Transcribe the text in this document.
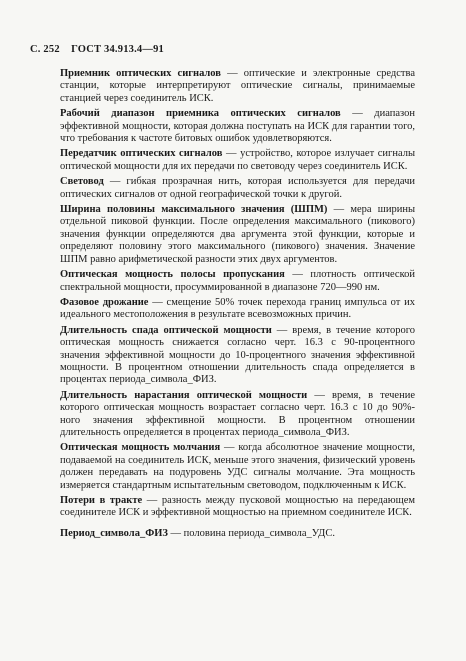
С. 252 ГОСТ 34.913.4—91

Приемник оптических сигналов — оптические и электронные средства станции, которые интерпретируют оптические сигналы, принимаемые станцией через соединитель ИСК.

Рабочий диапазон приемника оптических сигналов — диапазон эффективной мощности, которая должна поступать на ИСК для гарантии того, что требования к частоте битовых ошибок удовлетворяются.

Передатчик оптических сигналов — устройство, которое излучает сигналы оптической мощности для их передачи по световоду через соединитель ИСК.

Световод — гибкая прозрачная нить, которая используется для передачи оптических сигналов от одной географической точки к другой.

Ширина половины максимального значения (ШПМ) — мера ширины отдельной пиковой функции. После определения максимального (пикового) значения функции определяются два аргумента этой функции, которые и определяют половину этого максимального (пикового) значения. Значение ШПМ равно арифметической разности этих двух аргументов.

Оптическая мощность полосы пропускания — плотность оптической спектральной мощности, просуммированной в диапазоне 720—990 нм.

Фазовое дрожание — смещение 50% точек перехода границ импульса от их идеального местоположения в результате всевозможных причин.

Длительность спада оптической мощности — время, в течение которого оптическая мощность снижается согласно черт. 16.3 с 90-процентного значения эффективной мощности до 10-процентного значения эффективной мощности. В процентном отношении длительность спада определяется в процентах периода_символа_ФИЗ.

Длительность нарастания оптической мощности — время, в течение которого оптическая мощность возрастает согласно черт. 16.3 с 10 до 90%-ного значения эффективной мощности. В процентном отношении длительность определяется в процентах периода_символа_ФИЗ.

Оптическая мощность молчания — когда абсолютное значение мощности, подаваемой на соединитель ИСК, меньше этого значения, физический уровень должен передавать на подуровень УДС сигналы молчание. Эта мощность измеряется стандартным испытательным световодом, подключенным к ИСК.

Потери в тракте — разность между пусковой мощностью на передающем соединителе ИСК и эффективной мощностью на приемном соединителе ИСК.

Период_символа_ФИЗ — половина периода_символа_УДС.
